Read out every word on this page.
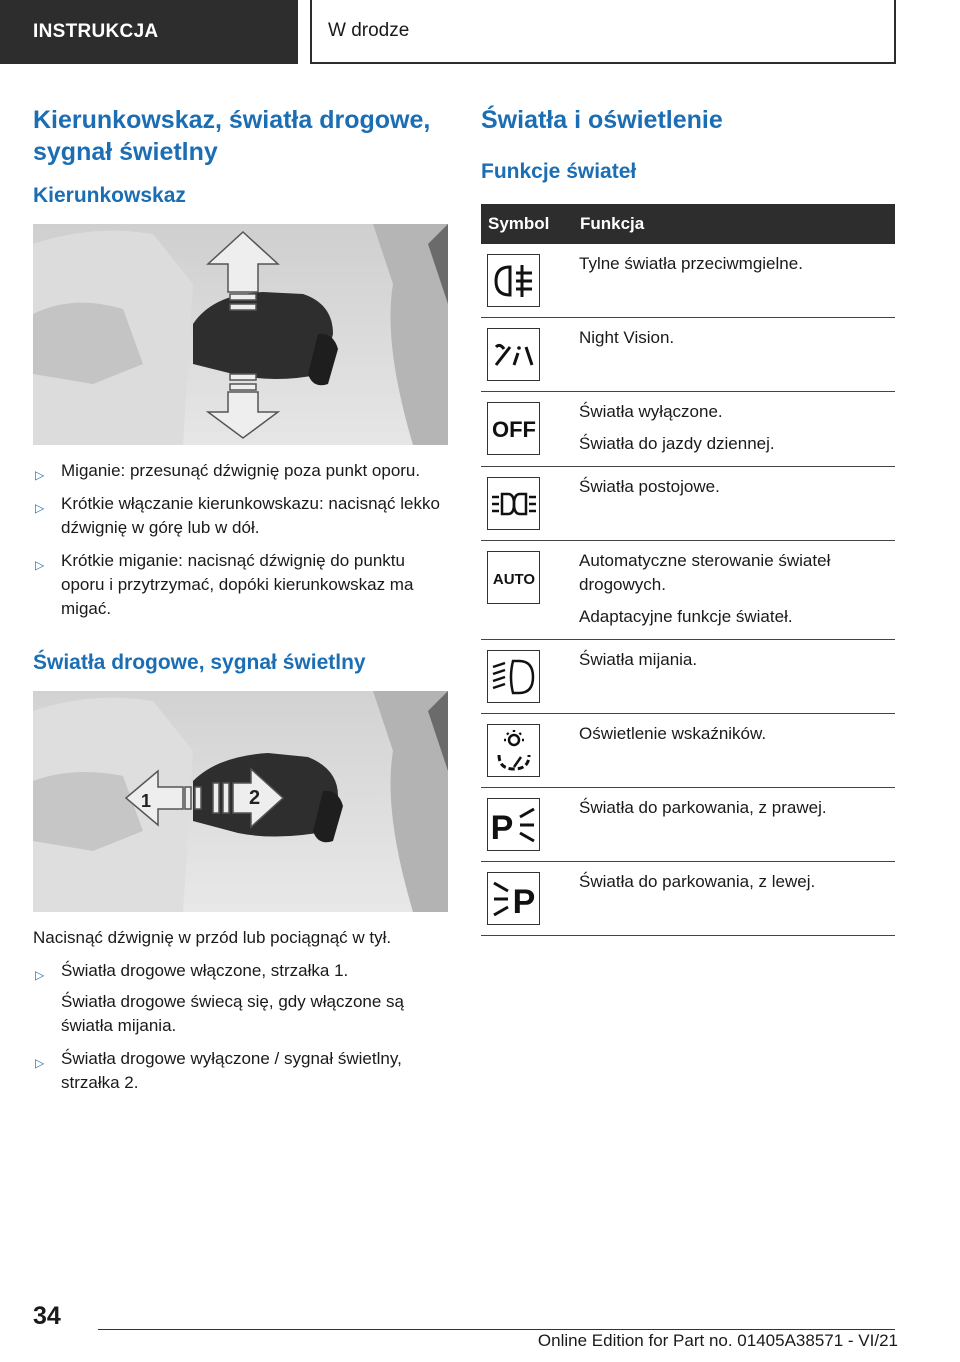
INSTRUKCJA	W drodze
Kierunkowskaz, światła drogowe, sygnał świetlny
Kierunkowskaz
▷ Miganie: przesunąć dźwignię poza punkt oporu.
▷ Krótkie włączanie kierunkowskazu: nacisnąć lekko dźwignię w górę lub w dół.
▷ Krótkie miganie: nacisnąć dźwignię do punktu oporu i przytrzymać, dopóki kierunkowskaz ma migać.
Światła drogowe, sygnał świetlny
1	2

Nacisnąć dźwignię w przód lub pociągnąć w tył.

▷ Światła drogowe włączone, strzałka 1.

Światła drogowe świecą się, gdy włączone są światła mijania.

▷ Światła drogowe wyłączone / sygnał świetlny, strzałka 2.
Światła i oświetlenie
Funkcje świateł
Symbol	Funkcja

Tylne światła przeciwmgielne.

Night Vision.

OFF	Światła wyłączone.
Światła do jazdy dziennej.

Światła postojowe.

AUTO	Automatyczne sterowanie świateł drogowych.
Adaptacyjne funkcje świateł.

Światła mijania.

Oświetlenie wskaźników.

P	Światła do parkowania, z prawej.

P	Światła do parkowania, z lewej.
34
Online Edition for Part no. 01405A38571 - VI/21
